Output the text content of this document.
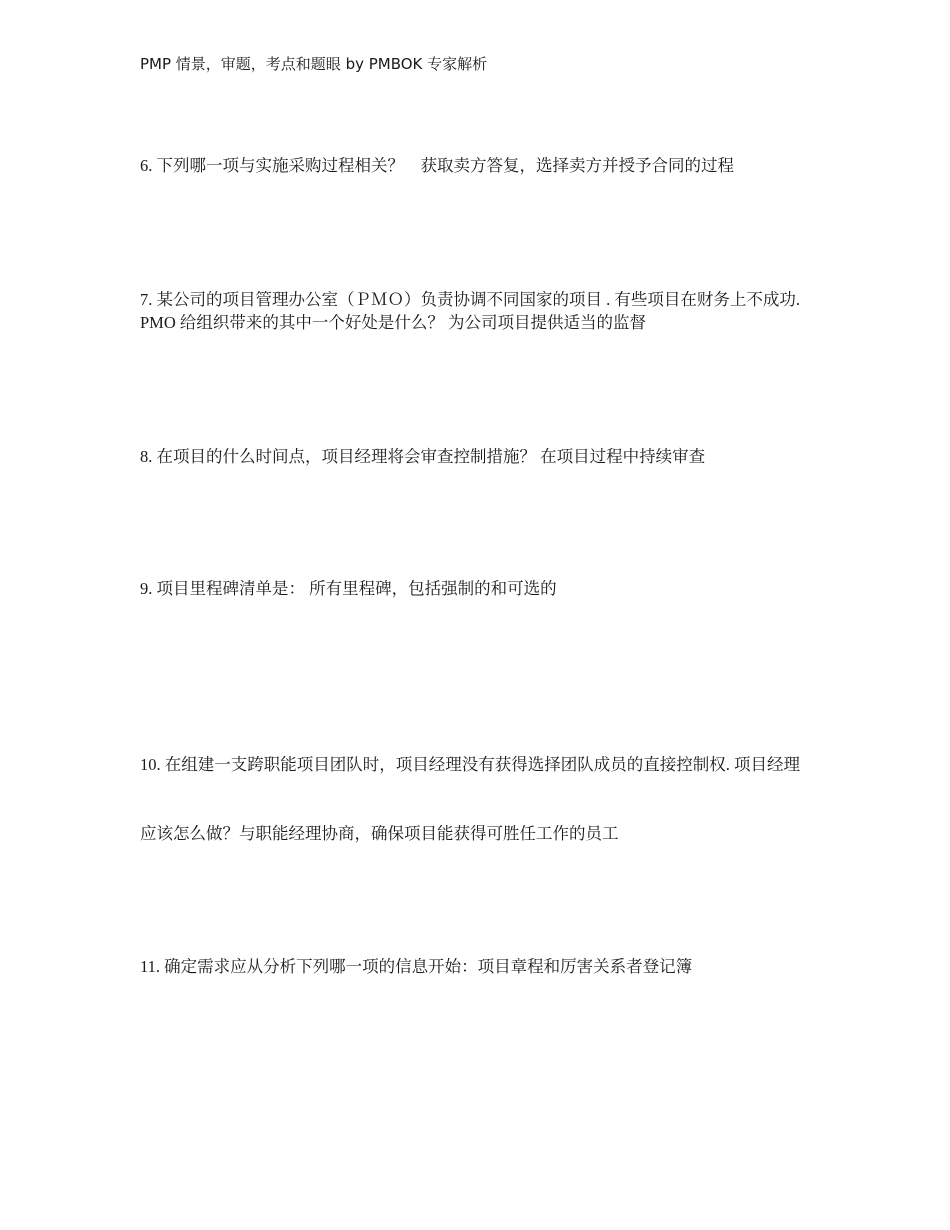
PMP 情景，审题，考点和题眼 by PMBOK 专家解析

6. 下列哪一项与实施采购过程相关？　获取卖方答复，选择卖方并授予合同的过程

7. 某公司的项目管理办公室（ＰＭＯ）负责协调不同国家的项目 . 有些项目在财务上不成功. PMO 给组织带来的其中一个好处是什么？ 为公司项目提供适当的监督

8. 在项目的什么时间点，项目经理将会审查控制措施？ 在项目过程中持续审查

9. 项目里程碑清单是： 所有里程碑，包括强制的和可选的

10. 在组建一支跨职能项目团队时，项目经理没有获得选择团队成员的直接控制权. 项目经理

应该怎么做？与职能经理协商，确保项目能获得可胜任工作的员工

11. 确定需求应从分析下列哪一项的信息开始：项目章程和厉害关系者登记簿
